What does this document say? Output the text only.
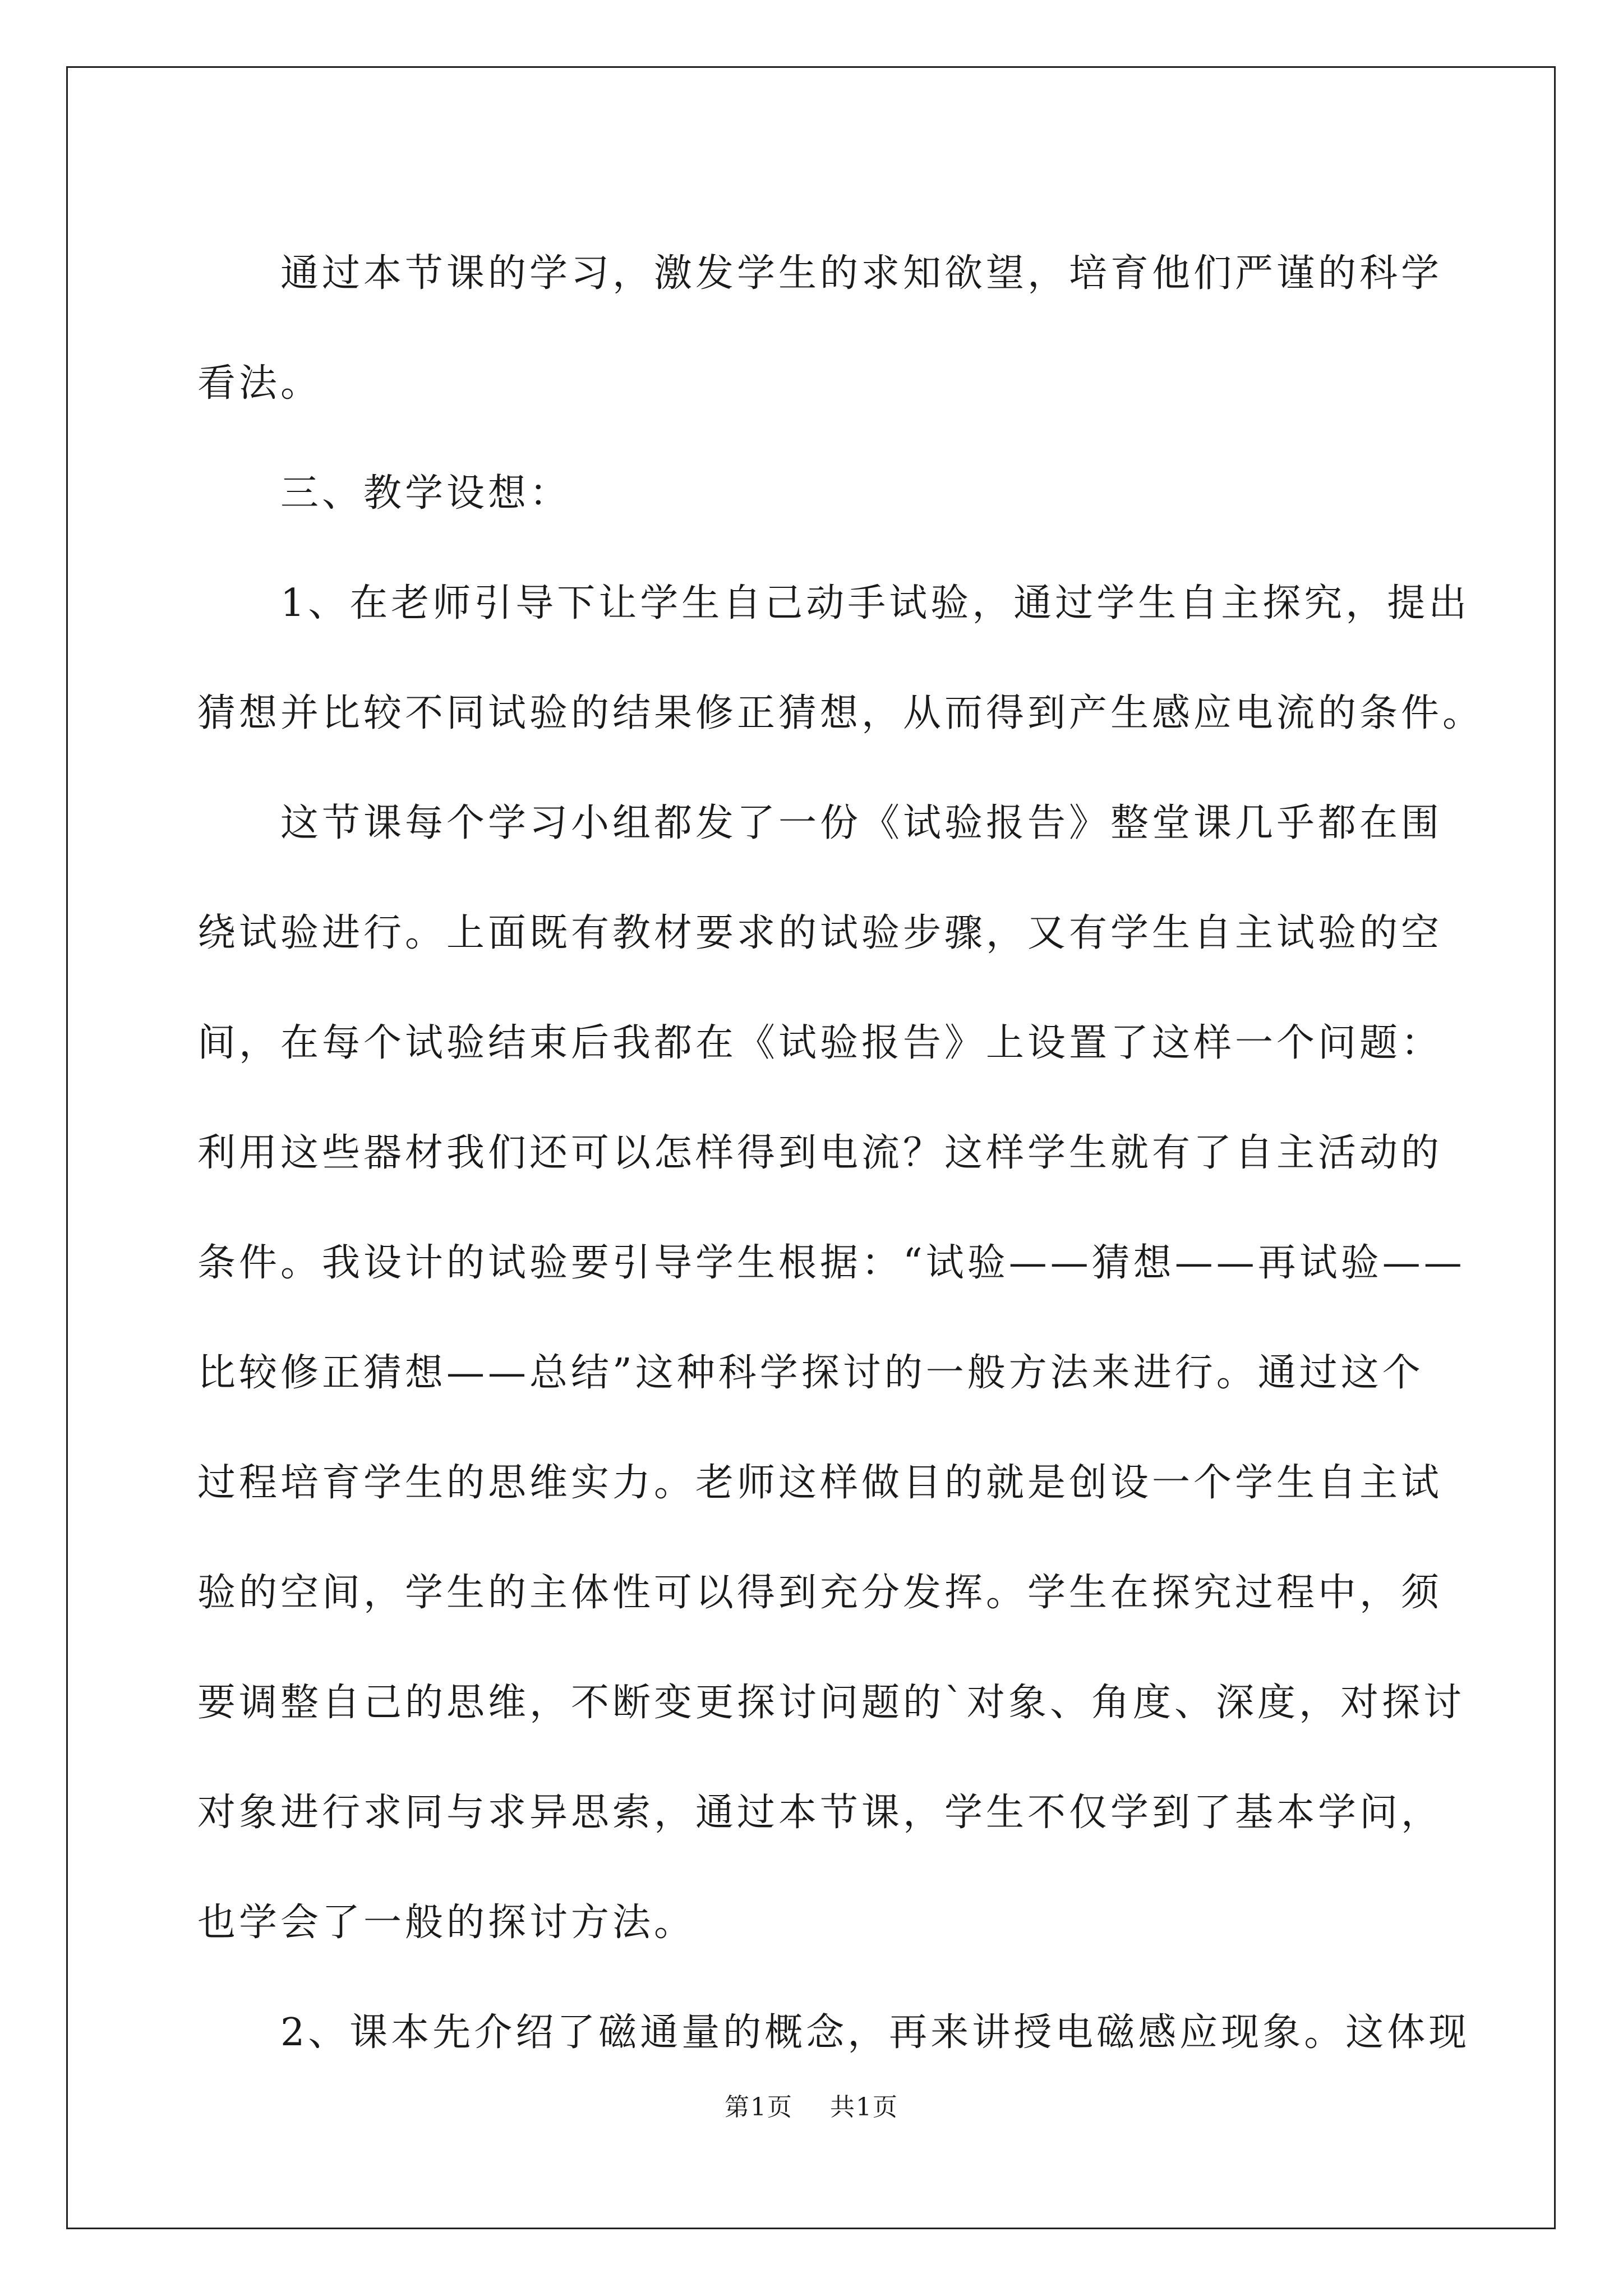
通过本节课的学习，激发学生的求知欲望，培育他们严谨的科学
看法。
三、教学设想：
1、在老师引导下让学生自己动手试验，通过学生自主探究，提出
猜想并比较不同试验的结果修正猜想，从而得到产生感应电流的条件。
这节课每个学习小组都发了一份《试验报告》整堂课几乎都在围
绕试验进行。上面既有教材要求的试验步骤，又有学生自主试验的空
间，在每个试验结束后我都在《试验报告》上设置了这样一个问题：
利用这些器材我们还可以怎样得到电流？这样学生就有了自主活动的
条件。我设计的试验要引导学生根据：“试验——猜想——再试验——
比较修正猜想——总结”这种科学探讨的一般方法来进行。通过这个
过程培育学生的思维实力。老师这样做目的就是创设一个学生自主试
验的空间，学生的主体性可以得到充分发挥。学生在探究过程中，须
要调整自己的思维，不断变更探讨问题的`对象、角度、深度，对探讨
对象进行求同与求异思索，通过本节课，学生不仅学到了基本学问，
也学会了一般的探讨方法。
2、课本先介绍了磁通量的概念，再来讲授电磁感应现象。这体现
第1页 共1页
